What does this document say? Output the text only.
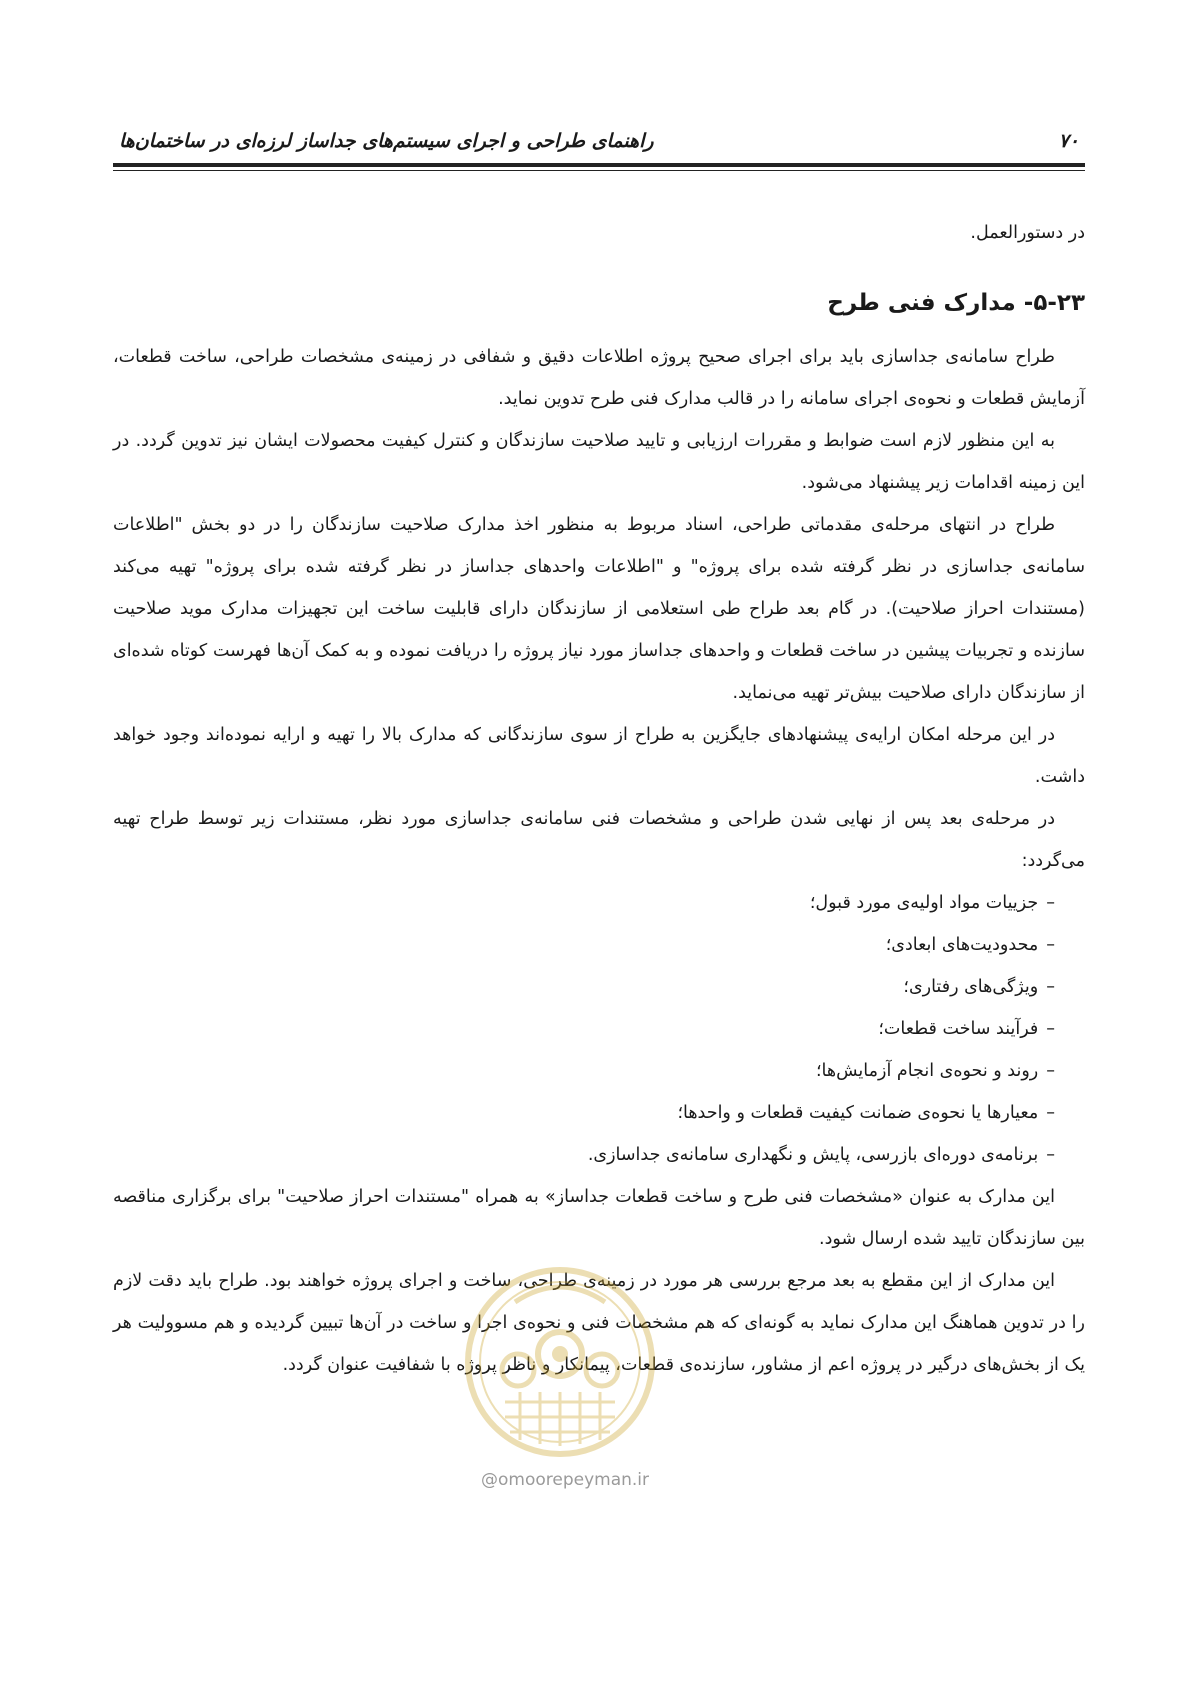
۷۰
راهنمای طراحی و اجرای سیستم‌های جداساز لرزه‌ای در ساختمان‌ها

در دستورالعمل.

۵-۲۳- مدارک فنی طرح

طراح سامانه‌ی جداسازی باید برای اجرای صحیح پروژه اطلاعات دقیق و شفافی در زمینه‌ی مشخصات طراحی، ساخت قطعات، آزمایش قطعات و نحوه‌ی اجرای سامانه را در قالب مدارک فنی طرح تدوین نماید.

به این منظور لازم است ضوابط و مقررات ارزیابی و تایید صلاحیت سازندگان و کنترل کیفیت محصولات ایشان نیز تدوین گردد. در این زمینه اقدامات زیر پیشنهاد می‌شود.

طراح در انتهای مرحله‌ی مقدماتی طراحی، اسناد مربوط به منظور اخذ مدارک صلاحیت سازندگان را در دو بخش "اطلاعات سامانه‌ی جداسازی در نظر گرفته شده برای پروژه" و "اطلاعات واحدهای جداساز در نظر گرفته شده برای پروژه" تهیه می‌کند (مستندات احراز صلاحیت). در گام بعد طراح طی استعلامی از سازندگان دارای قابلیت ساخت این تجهیزات مدارک موید صلاحیت سازنده و تجربیات پیشین در ساخت قطعات و واحدهای جداساز مورد نیاز پروژه را دریافت نموده و به کمک آن‌ها فهرست کوتاه شده‌ای از سازندگان دارای صلاحیت بیش‌تر تهیه می‌نماید.

در این مرحله امکان ارایه‌ی پیشنهادهای جایگزین به طراح از سوی سازندگانی که مدارک بالا را تهیه و ارایه نموده‌اند وجود خواهد داشت.

در مرحله‌ی بعد پس از نهایی شدن طراحی و مشخصات فنی سامانه‌ی جداسازی مورد نظر، مستندات زیر توسط طراح تهیه می‌گردد:

–جزییات مواد اولیه‌ی مورد قبول؛
–محدودیت‌های ابعادی؛
–ویژگی‌های رفتاری؛
–فرآیند ساخت قطعات؛
–روند و نحوه‌ی انجام آزمایش‌ها؛
–معیارها یا نحوه‌ی ضمانت کیفیت قطعات و واحدها؛
–برنامه‌ی دوره‌ای بازرسی، پایش و نگهداری سامانه‌ی جداسازی.

این مدارک به عنوان «مشخصات فنی طرح و ساخت قطعات جداساز» به همراه "مستندات احراز صلاحیت" برای برگزاری مناقصه بین سازندگان تایید شده ارسال شود.

این مدارک از این مقطع به بعد مرجع بررسی هر مورد در زمینه‌ی طراحی، ساخت و اجرای پروژه خواهند بود. طراح باید دقت لازم را در تدوین هماهنگ این مدارک نماید به گونه‌ای که هم مشخصات فنی و نحوه‌ی اجرا و ساخت در آن‌ها تبیین گردیده و هم مسوولیت هر یک از بخش‌های درگیر در پروژه اعم از مشاور، سازنده‌ی قطعات، پیمانکار و ناظر پروژه با شفافیت عنوان گردد.

@omoorepeyman.ir
